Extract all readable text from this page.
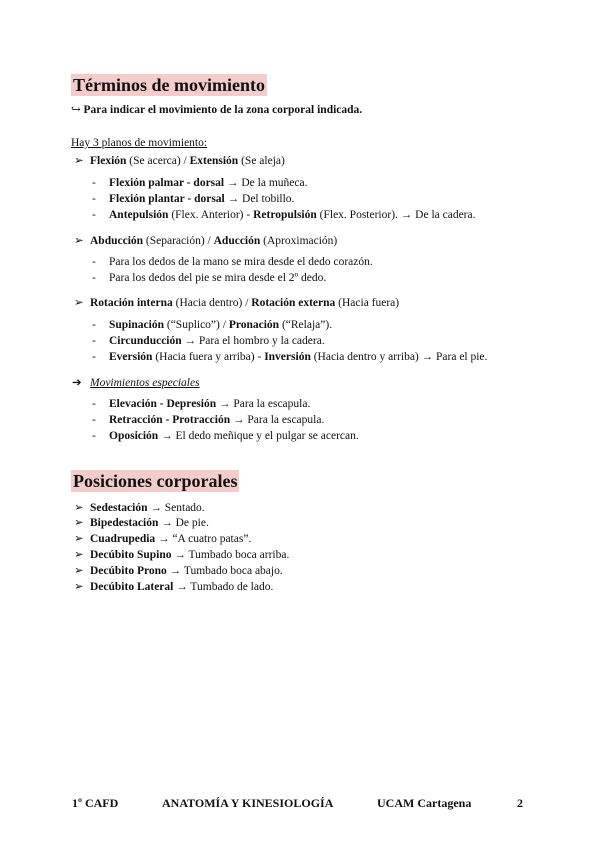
Términos de movimiento
↪ Para indicar el movimiento de la zona corporal indicada.
Hay 3 planos de movimiento:
➢ Flexión (Se acerca) / Extensión (Se aleja)
- Flexión palmar - dorsal → De la muñeca.
- Flexión plantar - dorsal → Del tobillo.
- Antepulsión (Flex. Anterior) - Retropulsión (Flex. Posterior). → De la cadera.
➢ Abducción (Separación) / Aducción (Aproximación)
- Para los dedos de la mano se mira desde el dedo corazón.
- Para los dedos del pie se mira desde el 2º dedo.
➢ Rotación interna (Hacia dentro) / Rotación externa (Hacia fuera)
- Supinación (“Suplico”) / Pronación (“Relaja”).
- Circunducción → Para el hombro y la cadera.
- Eversión (Hacia fuera y arriba) - Inversión (Hacia dentro y arriba) → Para el pie.
➔ Movimientos especiales
- Elevación - Depresión → Para la escapula.
- Retracción - Protracción → Para la escapula.
- Oposición → El dedo meñique y el pulgar se acercan.
Posiciones corporales
➢ Sedestación → Sentado.
➢ Bipedestación → De pie.
➢ Cuadrupedia → “A cuatro patas”.
➢ Decúbito Supino → Tumbado boca arriba.
➢ Decúbito Prono → Tumbado boca abajo.
➢ Decúbito Lateral → Tumbado de lado.
1º CAFD	ANATOMÍA Y KINESIOLOGÍA	UCAM Cartagena	2
